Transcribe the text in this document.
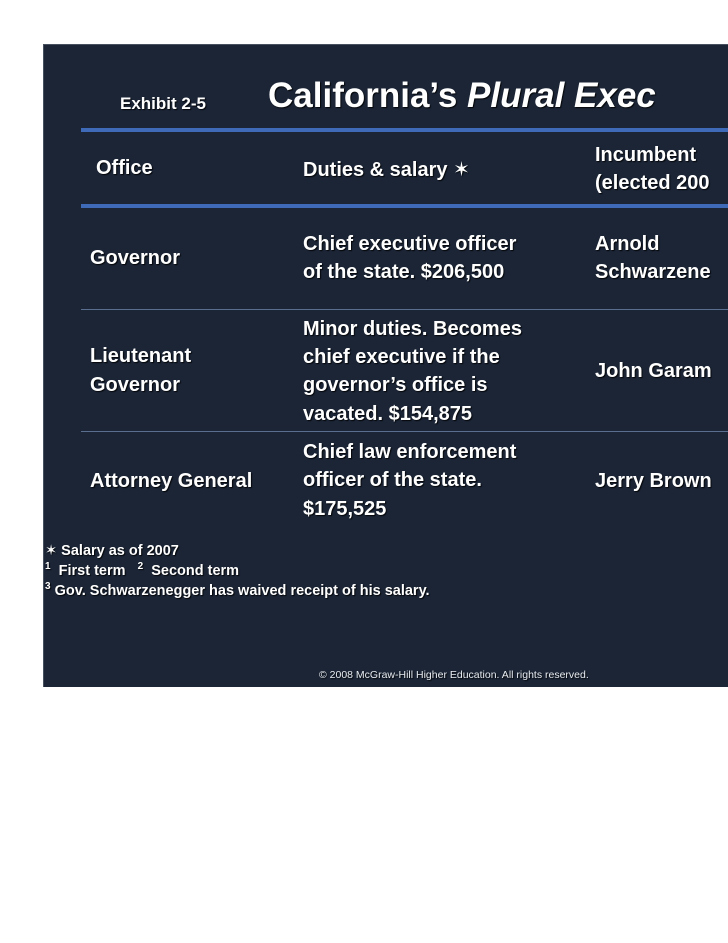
Exhibit 2-5 California’s Plural Exec
Office	Duties & salary ✶
Incumbent
(elected 200
Governor
Chief executive officer
of the state. $206,500
Arnold
Schwarzene
Lieutenant
Governor
Minor duties. Becomes
chief executive if the
governor’s office is
vacated. $154,875
John Garam
Attorney General
Chief law enforcement
officer of the state.
$175,525
Jerry Brown
✶ Salary as of 2007
$^1$ First term $^2$ Second term
$^3$ Gov. Schwarzenegger has waived receipt of his salary.
© 2008 McGraw-Hill Higher Education. All rights reserved.
